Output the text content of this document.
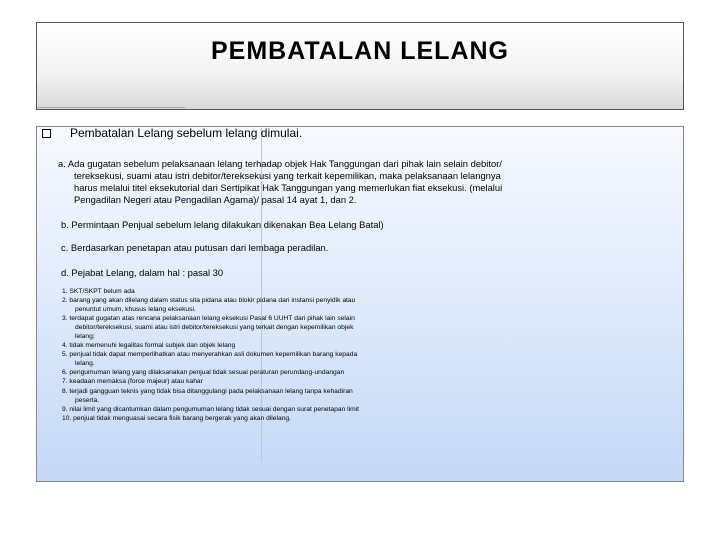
PEMBATALAN LELANG
Pembatalan Lelang sebelum lelang dimulai.
a. Ada gugatan sebelum pelaksanaan lelang terhadap objek Hak Tanggungan dari pihak lain selain debitor/
tereksekusi, suami atau istri debitor/tereksekusi yang terkait kepemilikan, maka pelaksanaan lelangnya
harus melalui titel eksekutorial dari Sertipikat Hak Tanggungan yang memerlukan fiat eksekusi. (melalui
Pengadilan Negeri atau Pengadilan Agama)/ pasal 14 ayat 1, dan 2.
b. Permintaan Penjual sebelum lelang dilakukan dikenakan Bea Lelang Batal)
c. Berdasarkan penetapan atau putusan dari lembaga peradilan.
d. Pejabat Lelang, dalam hal : pasal 30
1. SKT/SKPT belum ada
2. barang yang akan dilelang dalam status sita pidana atau blokir pidana dari instansi penyidik atau
penuntut umum, khusus lelang eksekusi.
3. terdapat gugatan atas rencana pelaksanaan lelang eksekusi Pasal 6 UUHT dari pihak lain selain
debitor/tereksekusi, suami atau istri debitor/tereksekusi yang terkait dengan kepemilikan objek
lelang;
4. tidak memenuhi legalitas formal subjek dan objek lelang
5. penjual tidak dapat memperlihatkan atau menyerahkan asli dokumen kepemilikan barang kepada
lelang.
6. pengumuman lelang yang dilaksanakan penjual tidak sesuai peraturan perundang-undangan
7. keadaan memaksa (force majeur) atau kahar
8. terjadi gangguan teknis yang tidak bisa ditanggulangi pada pelaksanaan lelang tanpa kehadiran
peserta.
9. nilai limit yang dicantumkan dalam pengumuman lelang tidak sesuai dengan surat penetapan limit
10. penjual tidak menguasai secara fisik barang bergerak yang akan dilelang.
